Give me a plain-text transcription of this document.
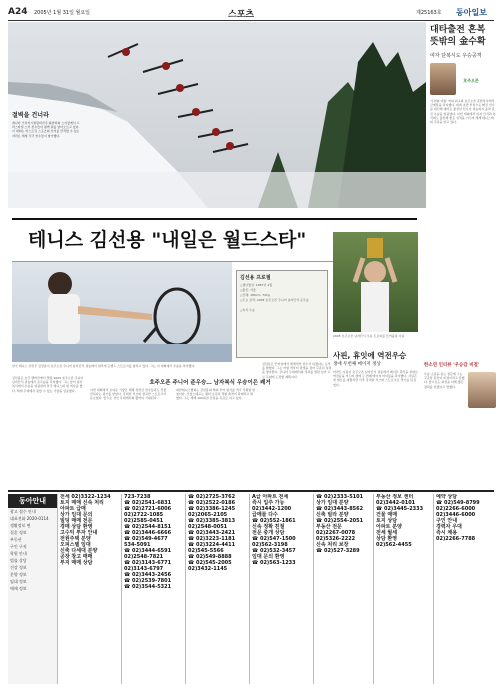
A24 2005년 1월 31일 월요일	스포츠	제25163호 동아일보
절벽을 건너라
캐나다 브리티시컬럼비아주 휘슬러의 스키장에서 프리스타일 스키 선수들이 절벽 위를 날아오르고 있다. 이 대회는 익스트림 스포츠의 묘미를 만끽할 수 있는 자리로 세계 각국 선수들이 참가했다.
대타출전 혼복
뜻밖의 金수확
여자 단복식도 우승공격
호주오픈
'우연의 여왕' 역대 최고의 호주오픈 혼합복식에서 금메달을 차지했다. 대회 초반 부상으로 빠진 선수를 대신해 대타로 출전한 선수가 결승까지 올라 값진 우승을 일궈냈다. 이번 대회에서 여자 단식과 복식에도 출전해 좋은 성적을 거두며 세계 테니스계의 주목을 받고 있다.
테니스 김선용 "내일은 월드스타"
한국 테니스 유망주 김선용이 호주오픈 주니어 남자단식 결승에서 힘차게 포핸드 스트로크를 날리고 있다. 그는 이 대회에서 우승을 차지했다.
김선용 프로필
△생년월일: 1987년 2월
△출신: 서울
△신체: 180cm, 72kg
△주요 성적: 2005 호주오픈 주니어 남자단식 준우승
△복식 우승
호주오픈 주니어 준우승… 남자복식 우승이은 쾌거
김선용은 호주 멜버른에서 열린 2005 호주오픈 주니어 남자단식 결승에서 준우승을 차지했다. 그는 앞서 남자복식에서 우승을 일궈내며 한국 테니스의 새 역사를 썼다. 세계 무대에서 통할 수 있는 기량을 입증했다.	이번 대회에서 보여준 기량은 세계 정상급 선수들과도 견줄 만하다는 평가를 받았다. 강력한 서브와 정교한 스트로크가 돋보였다. 앞으로 성인 무대에서의 활약이 기대된다.
대한테니스협회는 김선용의 해외 투어 참가를 적극 지원할 방침이다. 코칭스태프는 체력 보강과 경험 축적이 과제라고 밝혔다. 그는 세계 100위권 진입을 목표로 하고 있다.
김선용은 인터뷰에서 세계적인 선수가 되겠다는 포부를 밝혔다. 그는 어릴 적부터 라켓을 잡아 꾸준히 실력을 쌓아왔다. 주니어 무대에서의 성과를 발판 삼아 프로 무대에 도전할 계획이다.
2005 호주오픈 남자단식 우승 트로피를 들어올린 사핀.
사핀, 휴잇에 역전우승
생애 두번째 메이저 정상
마라트 사핀이 호주오픈 남자단식 결승에서 레이튼 휴잇을 상대로 역전승을 거두며 생애 두 번째 메이저 타이틀을 차지했다. 사핀은 첫 세트를 내줬지만 이후 강력한 서브와 스트로크로 경기를 뒤집었다.
한소연 인터뷰 '우승감 비결'
우승 소감을 묻는 질문에 그는 꾸준한 훈련이 비결이라고 답했다. 앞으로도 최선을 다해 좋은 결과를 얻겠다고 말했다.
동아안내
광고 접수 안내
대표전화 2020-0114
생활정보 면
결혼 정보
부동산
구인 구직
학원 안내
법률 상담
건강 정보
분양 정보
임대 정보
매매 정보
전세 02)3322-1234
토지 매매 신속 처리
아파트 급매
상가 임대 문의
빌딩 매매 전문
경매 상담 환영
고수익 투자 안내
전원주택 분양
오피스텔 임대
신축 다세대 분양
공장 창고 매매
부지 매매 상담
723-7238
☎ 02)2541-6831
☎ 02)2721-6006
02)2722-1085
02)2585-0451
☎ 02)2544-8151
☎ 02)3446-6666
☎ 02)549-4677
534-5091
☎ 02)3444-6591
02)2548-7821
☎ 02)3143-6771
02)3143-6797
☎ 02)3443-2456
☎ 02)2539-7801
☎ 02)3544-5321
☎ 02)2725-3762
☎ 02)2522-0186
☎ 02)3386-1245
02)2065-2105
☎ 02)3385-3813
02)2548-0051
☎ 02)3443-2421
☎ 02)3223-1181
☎ 02)3224-4411
02)545-5566
☎ 02)549-8888
☎ 02)545-2005
02)3432-1145
A급 아파트 전세
즉시 입주 가능
02)3442-1200
급매물 다수
☎ 02)552-1861
신속 정확 친절
전문 중개 상담
☎ 02)547-1500
02)562-3198
☎ 02)532-3457
임대 문의 환영
☎ 02)563-1233
☎ 02)2333-5101
상가 임대 분양
☎ 02)3443-8562
신축 빌라 분양
☎ 02)2554-2051
부동산 전문
02)2267-0078
02)5326-2222
신속 처리 보장
☎ 02)527-3289
부동산 정보 센터
02)3442-0101
☎ 02)3445-2333
건물 매매
토지 상담
아파트 분양
전세 월세
상담 환영
02)562-4455
예약 상담
☎ 02)549-8799
02)2266-6000
02)3446-6000
구인 안내
경력자 우대
즉시 채용
02)2266-7788
